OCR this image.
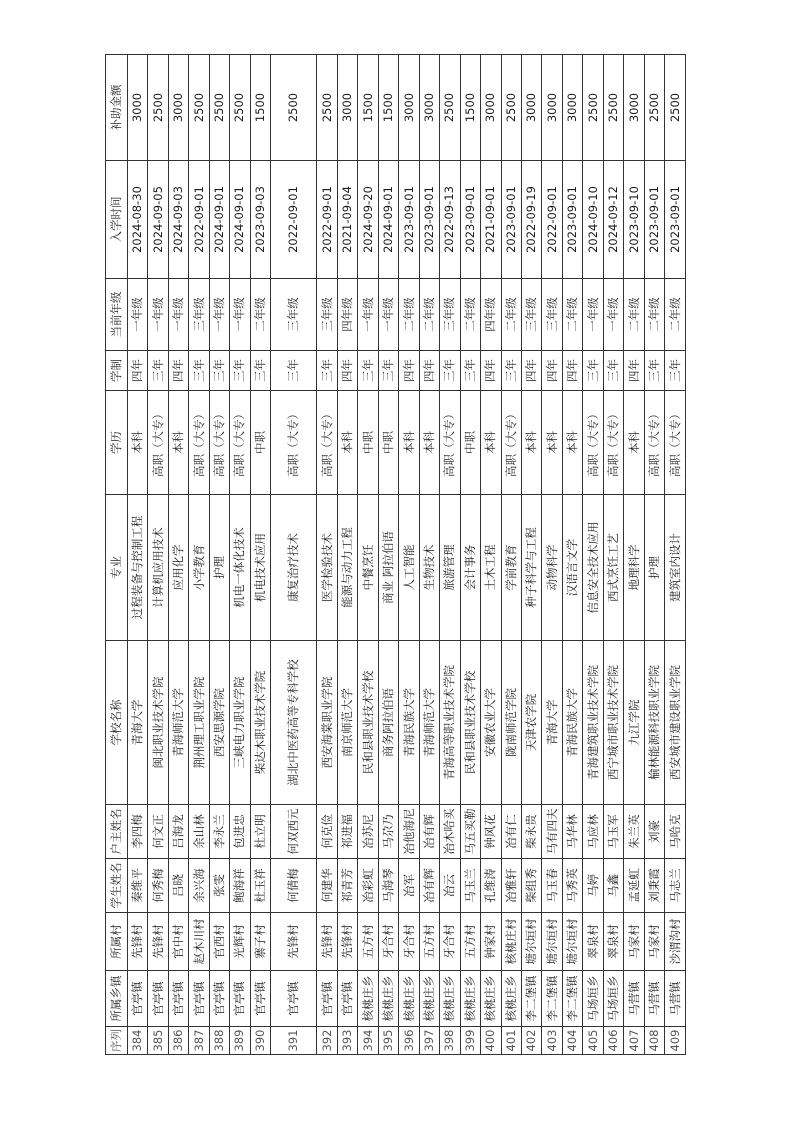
序列	所属乡镇	所属村	学生姓名	户主姓名	学校名称	专业	学历	学制	当前年级	入学时间	补助金额
384	官亭镇	先锋村	秦维平	李四梅	青海大学	过程装备与控制工程	本科	四年	一年级	2024-08-30	3000
385	官亭镇	先锋村	何秀梅	何文正	闽北职业技术学院	计算机应用技术	高职（大专）	三年	一年级	2024-09-05	2500
386	官亭镇	官中村	吕晓	吕海龙	青海师范大学	应用化学	本科	四年	一年级	2024-09-03	3000
387	官亭镇	赵木川村	余兴海	余山林	荆州理工职业学院	小学教育	高职（大专）	三年	三年级	2022-09-01	2500
388	官亭镇	官西村	张雯	李永兰	西安思源学院	护理	高职（大专）	三年	一年级	2024-09-01	2500
389	官亭镇	光辉村	鲍海祥	包进忠	三峡电力职业学院	机电一体化技术	高职（大专）	三年	一年级	2024-09-01	2500
390	官亭镇	寨子村	杜玉祥	杜立明	柴达木职业技术学院	机电技术应用	中职	三年	二年级	2023-09-03	1500
391	官亭镇	先锋村	何倩梅	何双西元	湖北中医药高等专科学校	康复治疗技术	高职（大专）	三年	三年级	2022-09-01	2500
392	官亭镇	先锋村	何建华	何克俭	西安海棠职业学院	医学检验技术	高职（大专）	三年	三年级	2022-09-01	2500
393	官亭镇	先锋村	祁青芳	祁进福	南京师范大学	能源与动力工程	本科	四年	四年级	2021-09-04	3000
394	核桃庄乡	五方村	冶彩虹	冶苏尼	民和县职业技术学校	中餐烹饪	中职	三年	一年级	2024-09-20	1500
395	核桃庄乡	牙合村	马海琴	马尕乃	商务阿拉伯语	商业 阿拉伯语	中职	三年	一年级	2024-09-01	1500
396	核桃庄乡	牙合村	冶军	冶他海尼	青海民族大学	人工智能	本科	四年	二年级	2023-09-01	3000
397	核桃庄乡	五方村	冶有辉	冶有辉	青海师范大学	生物技术	本科	四年	二年级	2023-09-01	3000
398	核桃庄乡	牙合村	冶云	冶木哈买	青海高等职业技术学院	旅游管理	高职（大专）	三年	三年级	2022-09-13	2500
399	核桃庄乡	五方村	马玉兰	马五买勒	民和县职业技术学校	会计事务	中职	三年	二年级	2023-09-01	1500
400	核桃庄乡	钟家村	孔维涛	钟风花	安徽农业大学	土木工程	本科	四年	四年级	2021-09-01	3000
401	核桃庄乡	核桃庄村	冶雅轩	冶有仁	陇南师范学院	学前教育	高职（大专）	三年	二年级	2023-09-01	2500
402	李二堡镇	塘尔垣村	柴组秀	柴永贵	天津农学院	种子科学与工程	本科	四年	三年级	2022-09-19	3000
403	李二堡镇	塘尔垣村	马玉春	马有四夫	青海大学	动物科学	本科	四年	三年级	2022-09-01	3000
404	李二堡镇	塘尔垣村	马秀英	马华林	青海民族大学	汉语言文学	本科	四年	二年级	2023-09-01	3000
405	马场垣乡	翠泉村	马婷	马应林	青海建筑职业技术学院	信息安全技术应用	高职（大专）	三年	一年级	2024-09-10	2500
406	马场垣乡	翠泉村	马鑫	马玉军	西宁城市职业技术学院	西式烹饪工艺	高职（大专）	三年	一年级	2024-09-12	2500
407	马营镇	马家村	孟延虹	朱兰英	九江学院	地理科学	本科	四年	二年级	2023-09-10	3000
408	马营镇	马家村	刘秉霞	刘豪	榆林能源科技职业学院	护理	高职（大专）	三年	二年级	2023-09-01	2500
409	马营镇	沙渭沟村	马志兰	马哈克	西安城市建设职业学院	建筑室内设计	高职（大专）	三年	二年级	2023-09-01	2500
